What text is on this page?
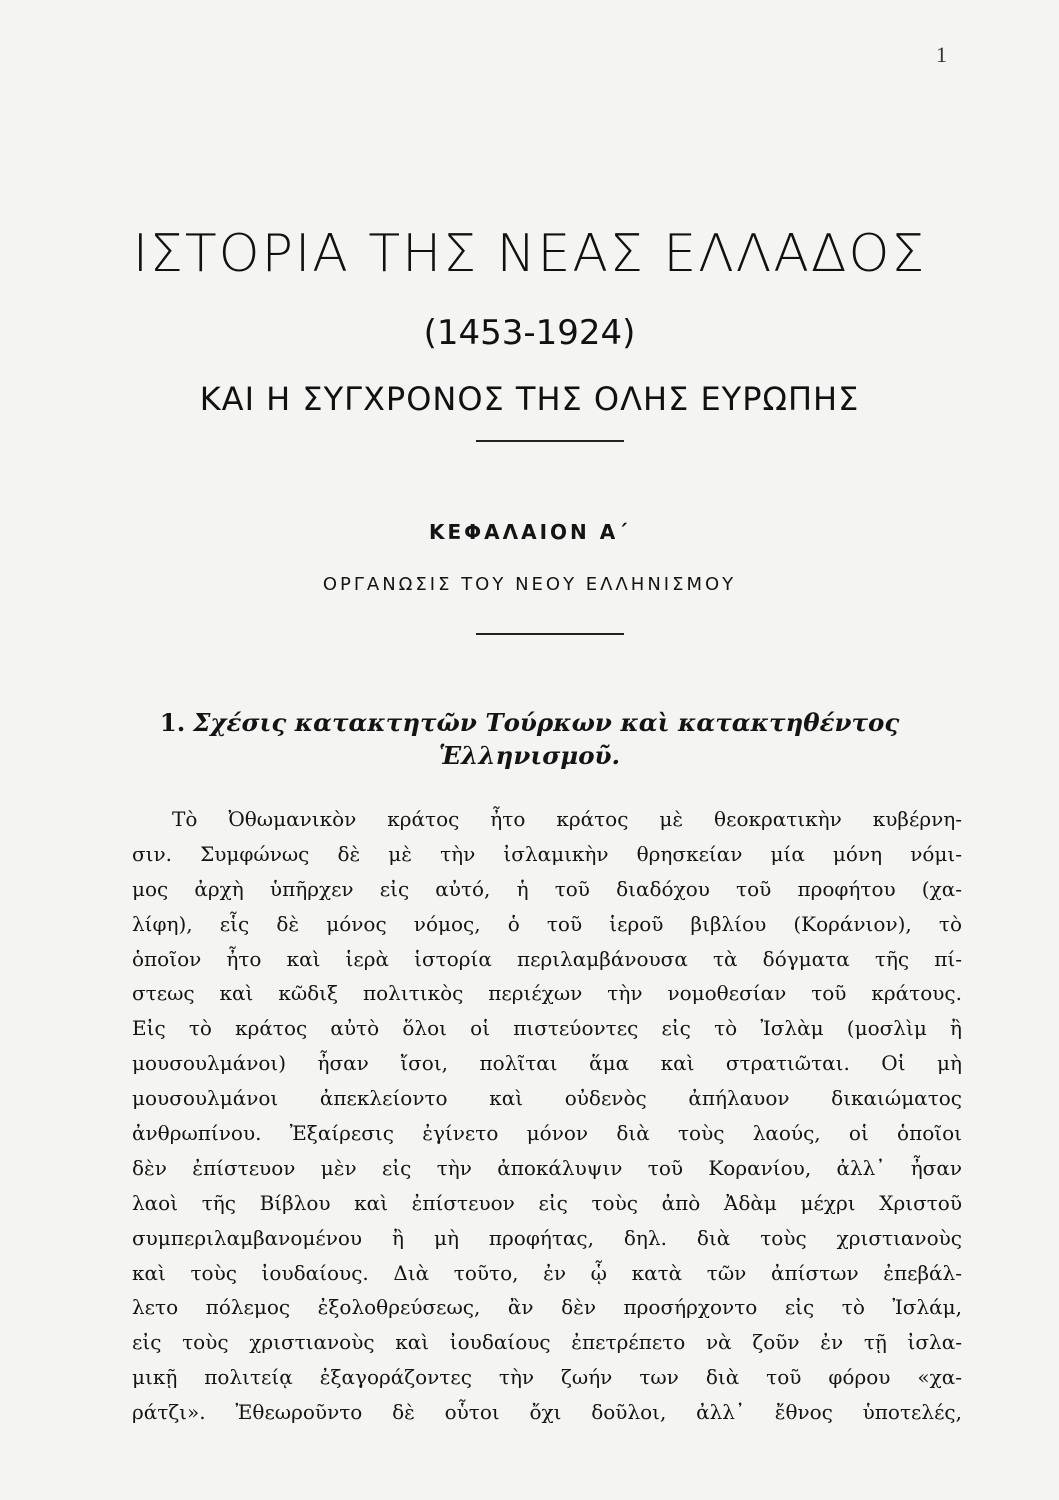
1
ΙΣΤΟΡΙΑ ΤΗΣ ΝΕΑΣ ΕΛΛΑΔΟΣ
(1453-1924)
ΚΑΙ Η ΣΥΓΧΡΟΝΟΣ ΤΗΣ ΟΛΗΣ ΕΥΡΩΠΗΣ
ΚΕΦΑΛΑΙΟΝ Α΄
ΟΡΓΑΝΩΣΙΣ ΤΟΥ ΝΕΟΥ ΕΛΛΗΝΙΣΜΟΥ
1. Σχέσις κατακτητῶν Τούρκων καὶ κατακτηθέντος
Ἑλληνισμοῦ.
Τὸ Ὀθωμανικὸν κράτος ἦτο κράτος μὲ θεοκρατικὴν κυβέρνη-
σιν. Συμφώνως δὲ μὲ τὴν ἰσλαμικὴν θρησκείαν μία μόνη νόμι-
μος ἀρχὴ ὑπῆρχεν εἰς αὐτό, ἡ τοῦ διαδόχου τοῦ προφήτου (χα-
λίφη), εἷς δὲ μόνος νόμος, ὁ τοῦ ἱεροῦ βιβλίου (Κοράνιον), τὸ
ὁποῖον ἦτο καὶ ἱερὰ ἱστορία περιλαμβάνουσα τὰ δόγματα τῆς πί-
στεως καὶ κῶδιξ πολιτικὸς περιέχων τὴν νομοθεσίαν τοῦ κράτους.
Εἰς τὸ κράτος αὐτὸ ὅλοι οἱ πιστεύοντες εἰς τὸ Ἰσλὰμ (μοσλὶμ ἢ
μουσουλμάνοι) ἦσαν ἴσοι, πολῖται ἅμα καὶ στρατιῶται. Οἱ μὴ
μουσουλμάνοι ἀπεκλείοντο καὶ οὐδενὸς ἀπήλαυον δικαιώματος
ἀνθρωπίνου. Ἐξαίρεσις ἐγίνετο μόνον διὰ τοὺς λαούς, οἱ ὁποῖοι
δὲν ἐπίστευον μὲν εἰς τὴν ἀποκάλυψιν τοῦ Κορανίου, ἀλλ᾿ ἦσαν
λαοὶ τῆς Βίβλου καὶ ἐπίστευον εἰς τοὺς ἀπὸ Ἀδὰμ μέχρι Χριστοῦ
συμπεριλαμβανομένου ἢ μὴ προφήτας, δηλ. διὰ τοὺς χριστιανοὺς
καὶ τοὺς ἰουδαίους. Διὰ τοῦτο, ἐν ᾧ κατὰ τῶν ἀπίστων ἐπεβάλ-
λετο πόλεμος ἐξολοθρεύσεως, ἂν δὲν προσήρχοντο εἰς τὸ Ἰσλάμ,
εἰς τοὺς χριστιανοὺς καὶ ἰουδαίους ἐπετρέπετο νὰ ζοῦν ἐν τῇ ἰσλα-
μικῇ πολιτείᾳ ἐξαγοράζοντες τὴν ζωήν των διὰ τοῦ φόρου «χα-
ράτζι». Ἐθεωροῦντο δὲ οὗτοι ὄχι δοῦλοι, ἀλλ᾿ ἔθνος ὑποτελές,
